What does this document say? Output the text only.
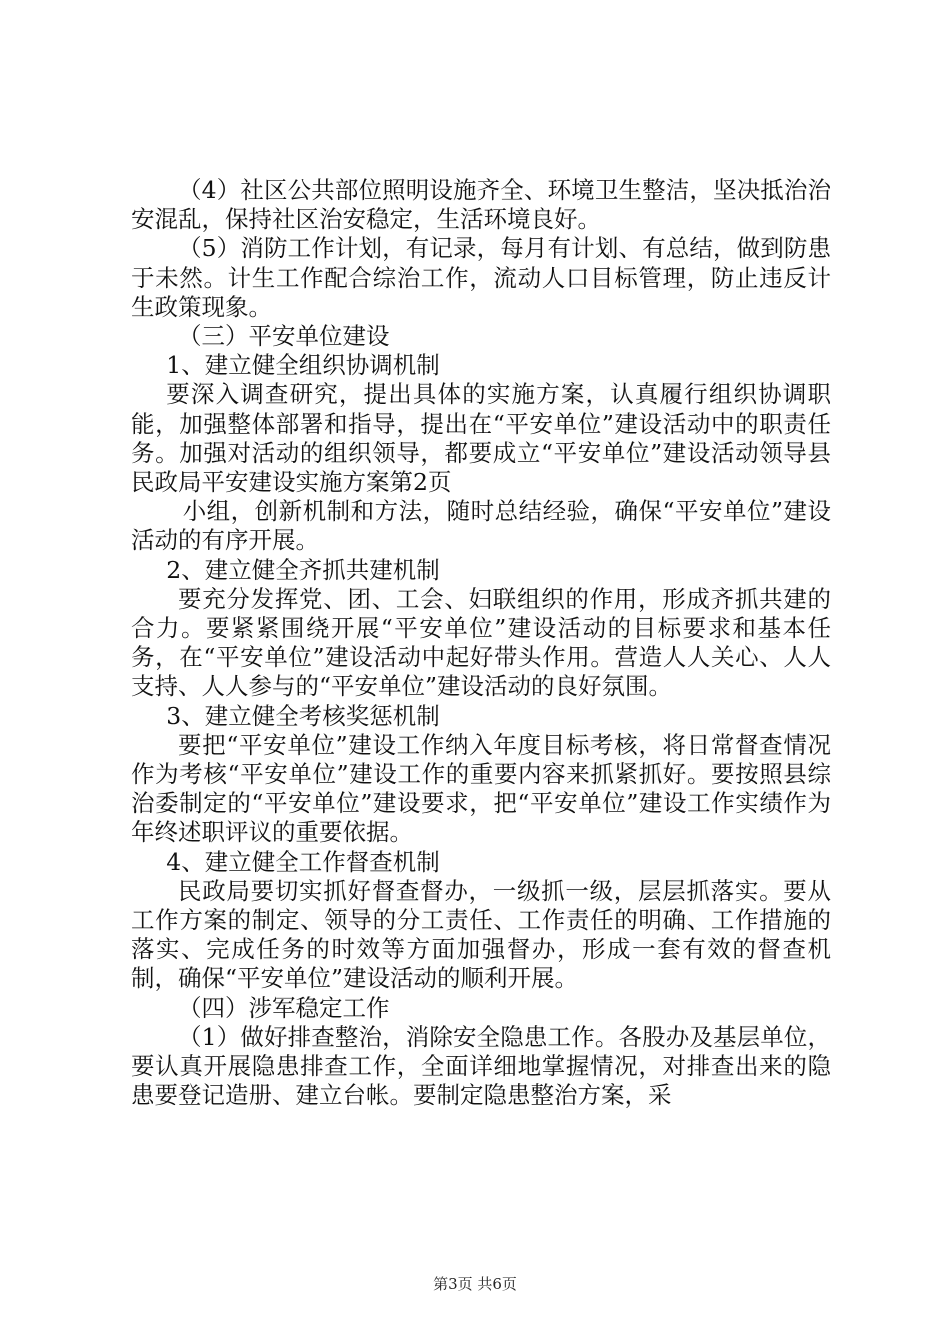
（4）社区公共部位照明设施齐全、环境卫生整洁，坚决抵治治安混乱，保持社区治安稳定，生活环境良好。

（5）消防工作计划，有记录，每月有计划、有总结，做到防患于未然。计生工作配合综治工作，流动人口目标管理，防止违反计生政策现象。

（三）平安单位建设

1、建立健全组织协调机制

要深入调查研究，提出具体的实施方案，认真履行组织协调职能，加强整体部署和指导，提出在“平安单位”建设活动中的职责任务。加强对活动的组织领导，都要成立“平安单位”建设活动领导县民政局平安建设实施方案第2页

小组，创新机制和方法，随时总结经验，确保“平安单位”建设活动的有序开展。

2、建立健全齐抓共建机制

要充分发挥党、团、工会、妇联组织的作用，形成齐抓共建的合力。要紧紧围绕开展“平安单位”建设活动的目标要求和基本任务，在“平安单位”建设活动中起好带头作用。营造人人关心、人人支持、人人参与的“平安单位”建设活动的良好氛围。

3、建立健全考核奖惩机制

要把“平安单位”建设工作纳入年度目标考核，将日常督查情况作为考核“平安单位”建设工作的重要内容来抓紧抓好。要按照县综治委制定的“平安单位”建设要求，把“平安单位”建设工作实绩作为年终述职评议的重要依据。

4、建立健全工作督查机制

民政局要切实抓好督查督办，一级抓一级，层层抓落实。要从工作方案的制定、领导的分工责任、工作责任的明确、工作措施的落实、完成任务的时效等方面加强督办，形成一套有效的督查机制，确保“平安单位”建设活动的顺利开展。

（四）涉军稳定工作

（1）做好排查整治，消除安全隐患工作。各股办及基层单位，要认真开展隐患排查工作，全面详细地掌握情况，对排查出来的隐患要登记造册、建立台帐。要制定隐患整治方案，采

第3页 共6页
